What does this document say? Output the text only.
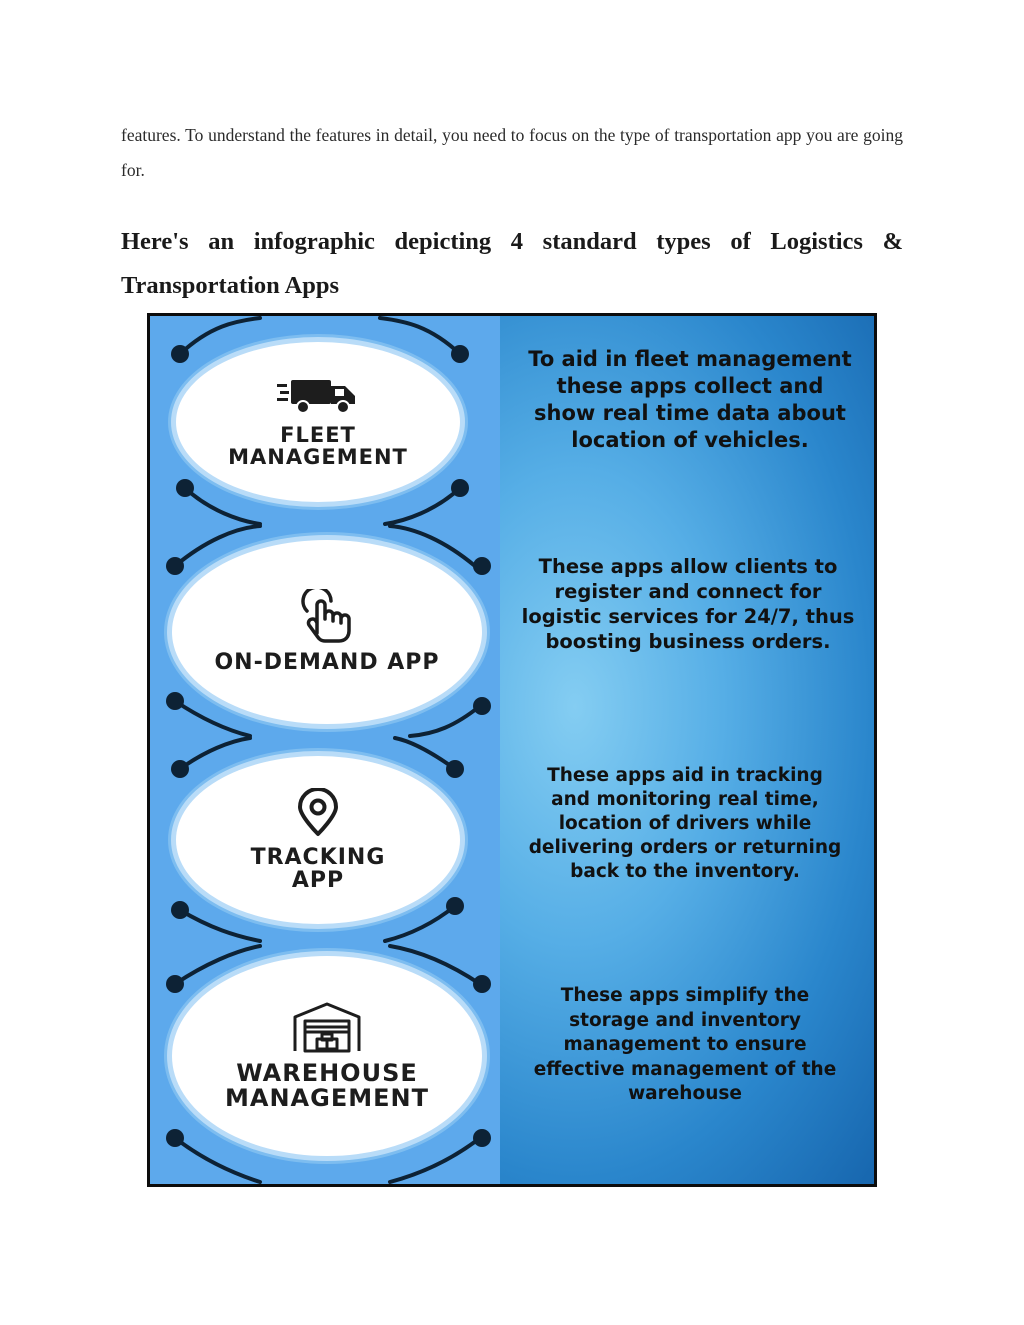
features. To understand the features in detail, you need to focus on the type of transportation app you are going for.

Here's an infographic depicting 4 standard types of Logistics & Transportation Apps
FLEET MANAGEMENT
ON-DEMAND APP
TRACKING APP
WAREHOUSE MANAGEMENT

To aid in fleet management these apps collect and show real time data about location of vehicles.

These apps allow clients to register and connect for logistic services for 24/7, thus boosting business orders.

These apps aid in tracking and monitoring real time, location of drivers while delivering orders or returning back to the inventory.

These apps simplify the storage and inventory management to ensure effective management of the warehouse
